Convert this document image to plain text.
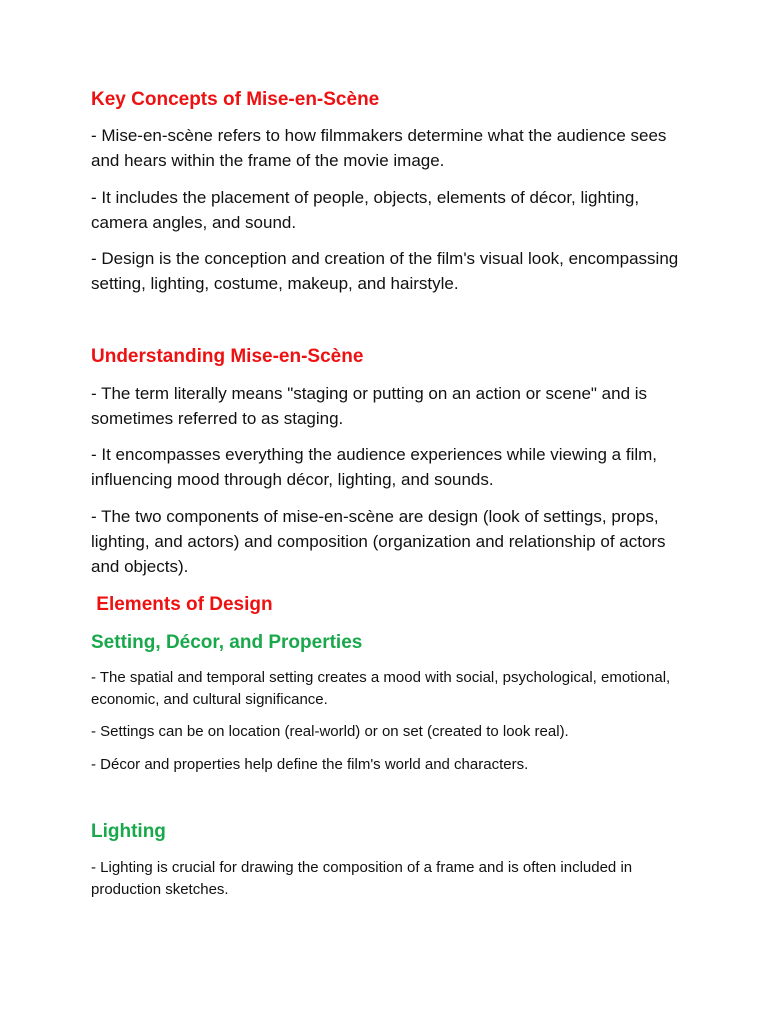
Key Concepts of Mise-en-Scène
- Mise-en-scène refers to how filmmakers determine what the audience sees and hears within the frame of the movie image.
- It includes the placement of people, objects, elements of décor, lighting, camera angles, and sound.
- Design is the conception and creation of the film's visual look, encompassing setting, lighting, costume, makeup, and hairstyle.
Understanding Mise-en-Scène
- The term literally means "staging or putting on an action or scene" and is sometimes referred to as staging.
- It encompasses everything the audience experiences while viewing a film, influencing mood through décor, lighting, and sounds.
- The two components of mise-en-scène are design (look of settings, props, lighting, and actors) and composition (organization and relationship of actors and objects).
Elements of Design
Setting, Décor, and Properties
- The spatial and temporal setting creates a mood with social, psychological, emotional, economic, and cultural significance.
- Settings can be on location (real-world) or on set (created to look real).
- Décor and properties help define the film's world and characters.
Lighting
- Lighting is crucial for drawing the composition of a frame and is often included in production sketches.
